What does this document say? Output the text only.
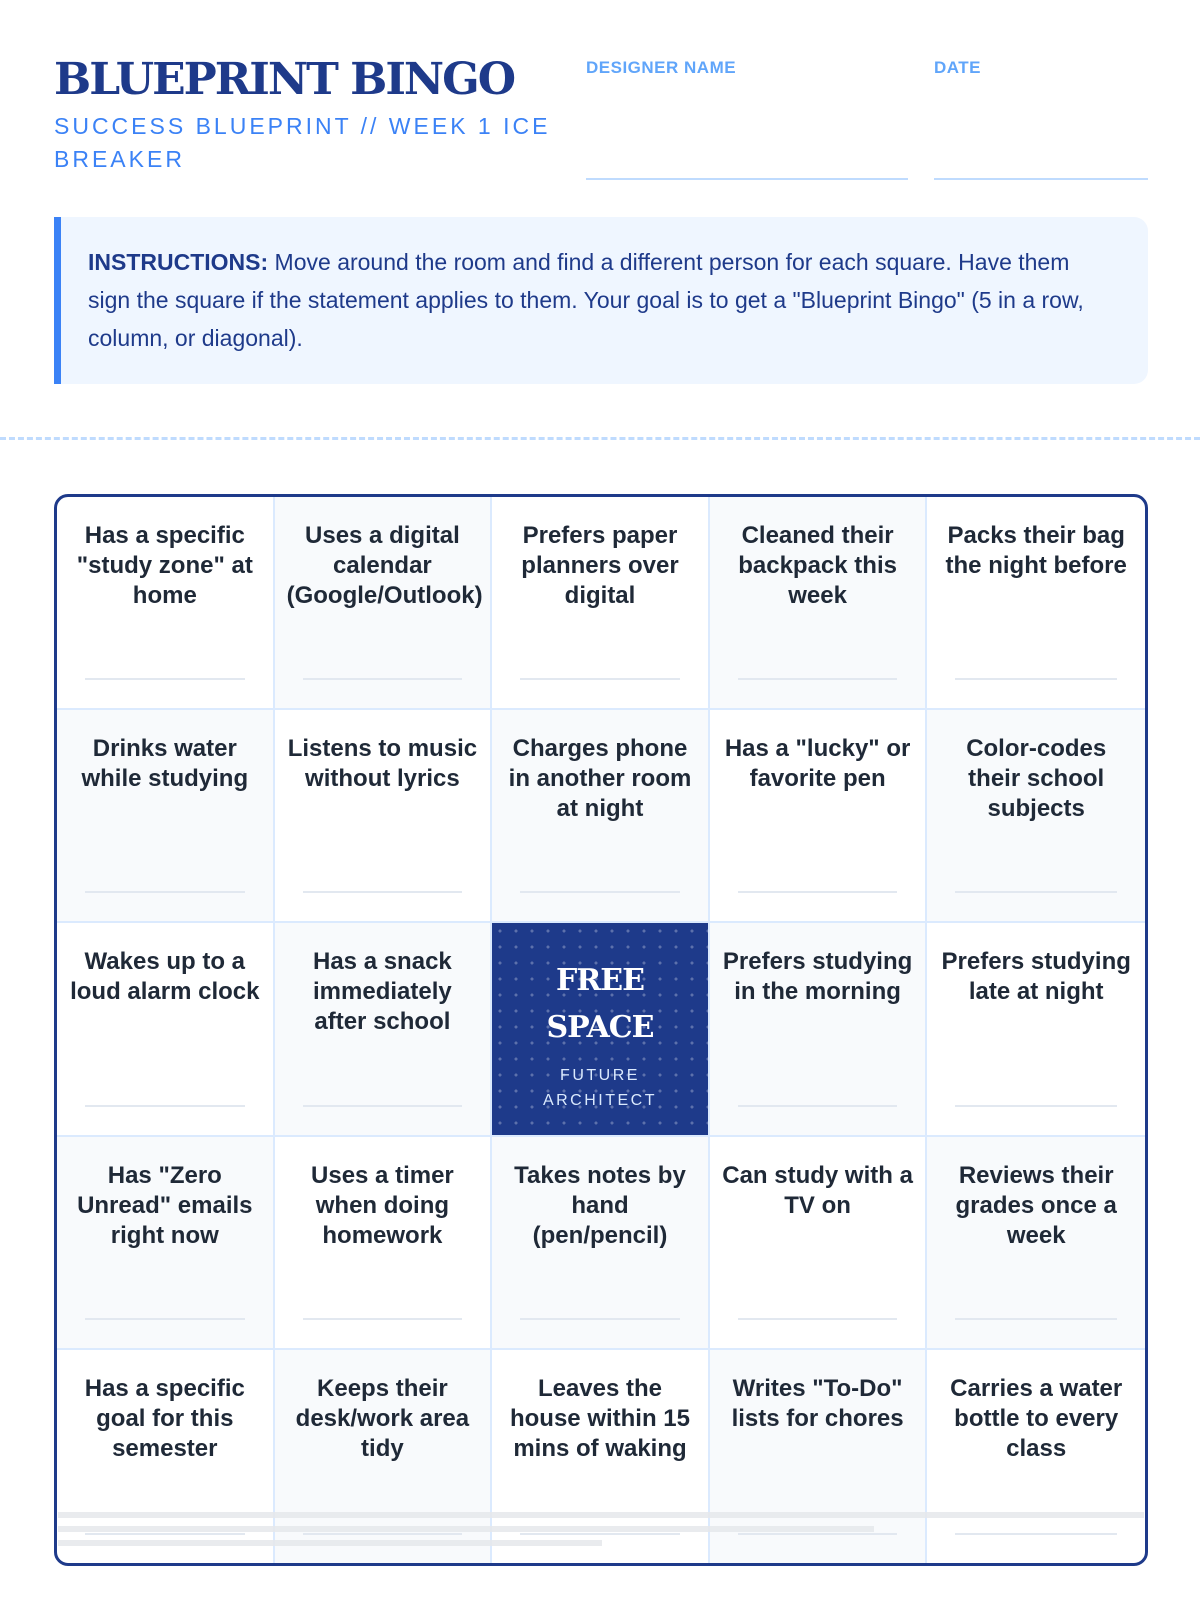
BLUEPRINT BINGO
SUCCESS BLUEPRINT // WEEK 1 ICE BREAKER
DESIGNER NAME	DATE
INSTRUCTIONS: Move around the room and find a different person for each square. Have them sign the square if the statement applies to them. Your goal is to get a "Blueprint Bingo" (5 in a row, column, or diagonal).
Has a specific "study zone" at home
Uses a digital calendar (Google/Outlook)
Prefers paper planners over digital
Cleaned their backpack this week
Packs their bag the night before
Drinks water while studying
Listens to music without lyrics
Charges phone in another room at night
Has a "lucky" or favorite pen
Color-codes their school subjects
Wakes up to a loud alarm clock
Has a snack immediately after school
FREE SPACE
FUTURE ARCHITECT
Prefers studying in the morning
Prefers studying late at night
Has "Zero Unread" emails right now
Uses a timer when doing homework
Takes notes by hand (pen/pencil)
Can study with a TV on
Reviews their grades once a week
Has a specific goal for this semester
Keeps their desk/work area tidy
Leaves the house within 15 mins of waking
Writes "To-Do" lists for chores
Carries a water bottle to every class
